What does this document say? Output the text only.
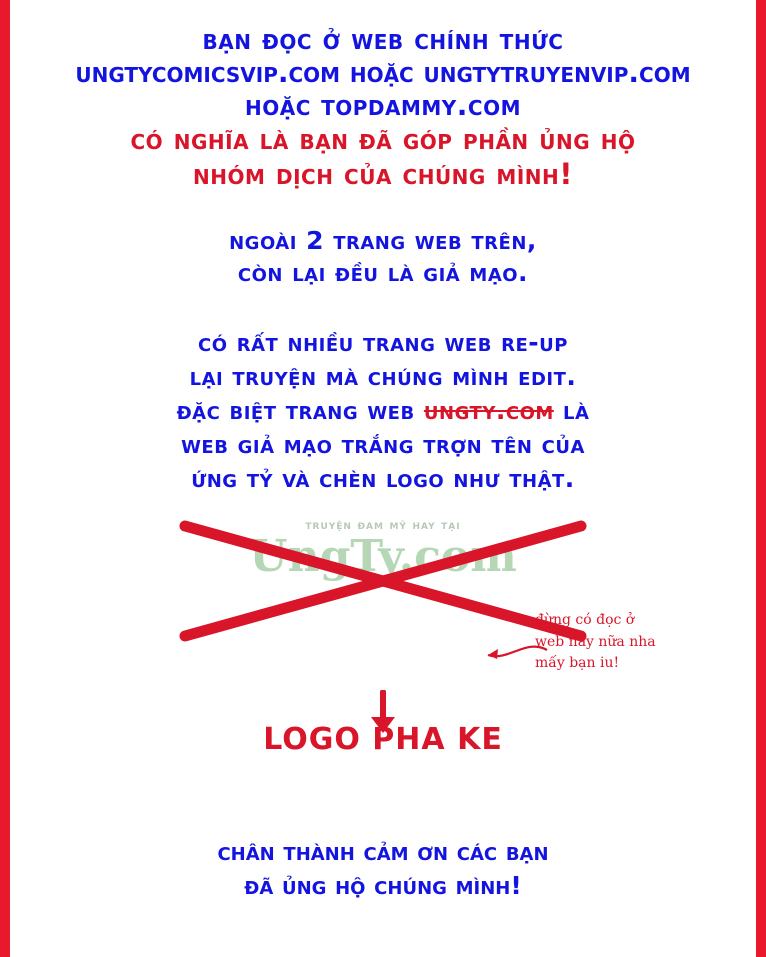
bạn đọc ở web chính thức
ungtycomicsvip.com hoặc ungtytruyenvip.com
hoặc topdammy.com
có nghĩa là bạn đã góp phần ủng hộ
nhóm dịch của chúng mình!
ngoài 2 trang web trên,
còn lại đều là giả mạo.
có rất nhiều trang web re-up
lại truyện mà chúng mình edit.
đặc biệt trang web ungty.com là
web giả mạo trắng trợn tên của
ứng tỷ và chèn logo như thật.
truyện đam mỹ hay tại
UngTy.com
đừng có đọc ở
web này nữa nha
mấy bạn iu!
LOGO PHA KE
chân thành cảm ơn các bạn
đã ủng hộ chúng mình!
